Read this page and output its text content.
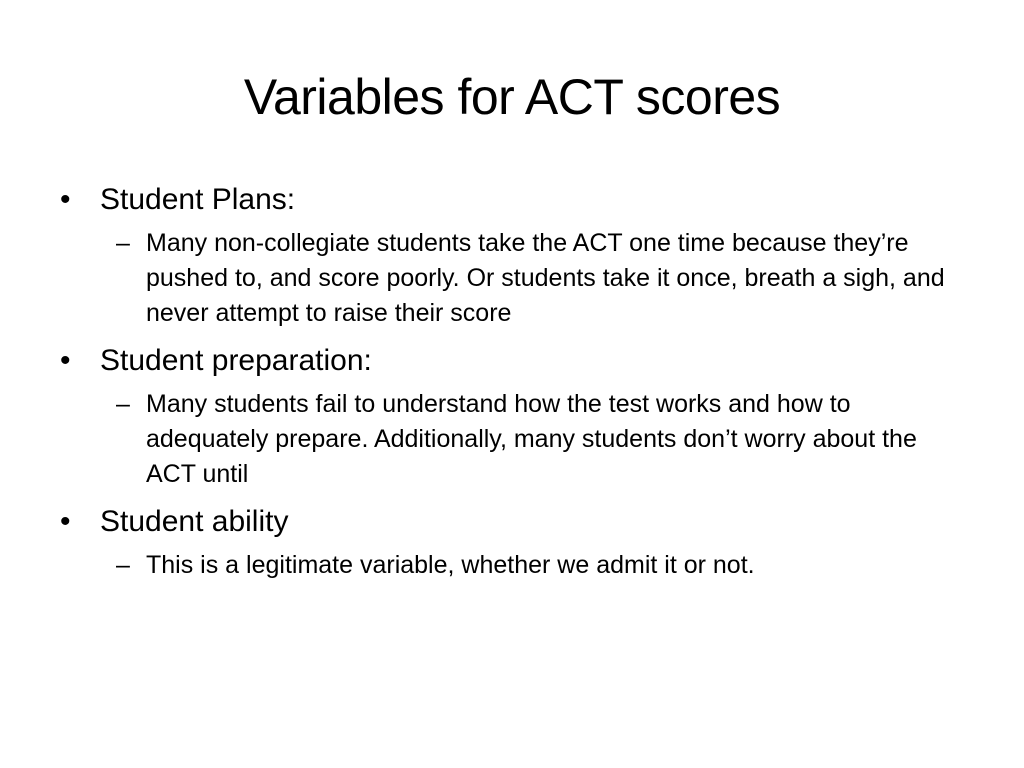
Variables for ACT scores
• Student Plans:
– Many non-collegiate students take the ACT one time because they’re pushed to, and score poorly. Or students take it once, breath a sigh, and never attempt to raise their score
• Student preparation:
– Many students fail to understand how the test works and how to adequately prepare. Additionally, many students don’t worry about the ACT until
• Student ability
– This is a legitimate variable, whether we admit it or not.
